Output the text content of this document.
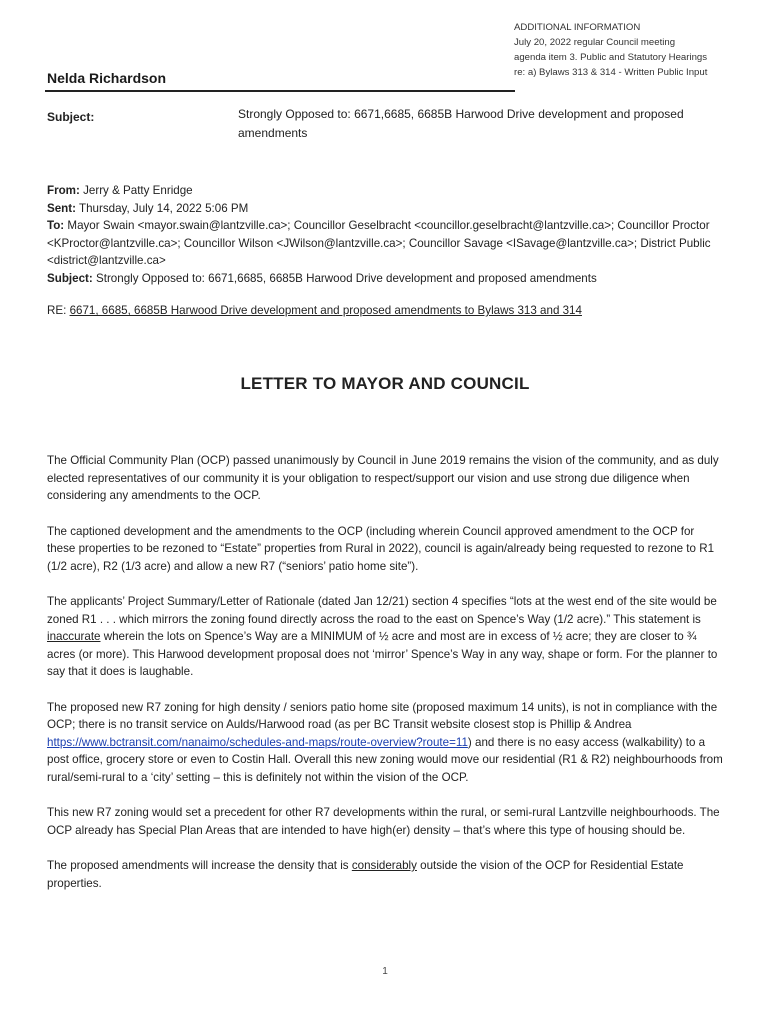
ADDITIONAL INFORMATION
July 20, 2022 regular Council meeting
agenda item 3. Public and Statutory Hearings
re: a) Bylaws 313 & 314 - Written Public Input
Nelda Richardson
Subject:	Strongly Opposed to: 6671,6685, 6685B Harwood Drive development and proposed amendments
From: Jerry & Patty Enridge
Sent: Thursday, July 14, 2022 5:06 PM
To: Mayor Swain <mayor.swain@lantzville.ca>; Councillor Geselbracht <councillor.geselbracht@lantzville.ca>; Councillor Proctor <KProctor@lantzville.ca>; Councillor Wilson <JWilson@lantzville.ca>; Councillor Savage <ISavage@lantzville.ca>; District Public <district@lantzville.ca>
Subject: Strongly Opposed to: 6671,6685, 6685B Harwood Drive development and proposed amendments
RE: 6671, 6685, 6685B Harwood Drive development and proposed amendments to Bylaws 313 and 314
LETTER TO MAYOR AND COUNCIL

The Official Community Plan (OCP) passed unanimously by Council in June 2019 remains the vision of the community, and as duly elected representatives of our community it is your obligation to respect/support our vision and use strong due diligence when considering any amendments to the OCP.

The captioned development and the amendments to the OCP (including wherein Council approved amendment to the OCP for these properties to be rezoned to “Estate” properties from Rural in 2022), council is again/already being requested to rezone to R1 (1/2 acre), R2 (1/3 acre) and allow a new R7 (“seniors’ patio home site”).

The applicants’ Project Summary/Letter of Rationale (dated Jan 12/21) section 4 specifies “lots at the west end of the site would be zoned R1 . . . which mirrors the zoning found directly across the road to the east on Spence’s Way (1/2 acre).” This statement is inaccurate wherein the lots on Spence’s Way are a MINIMUM of ½ acre and most are in excess of ½ acre; they are closer to ¾ acres (or more). This Harwood development proposal does not ‘mirror’ Spence’s Way in any way, shape or form. For the planner to say that it does is laughable.

The proposed new R7 zoning for high density / seniors patio home site (proposed maximum 14 units), is not in compliance with the OCP; there is no transit service on Aulds/Harwood road (as per BC Transit website closest stop is Phillip & Andrea https://www.bctransit.com/nanaimo/schedules-and-maps/route-overview?route=11) and there is no easy access (walkability) to a post office, grocery store or even to Costin Hall. Overall this new zoning would move our residential (R1 & R2) neighbourhoods from rural/semi-rural to a ‘city’ setting – this is definitely not within the vision of the OCP.

This new R7 zoning would set a precedent for other R7 developments within the rural, or semi-rural Lantzville neighbourhoods. The OCP already has Special Plan Areas that are intended to have high(er) density – that’s where this type of housing should be.

The proposed amendments will increase the density that is considerably outside the vision of the OCP for Residential Estate properties.

1
